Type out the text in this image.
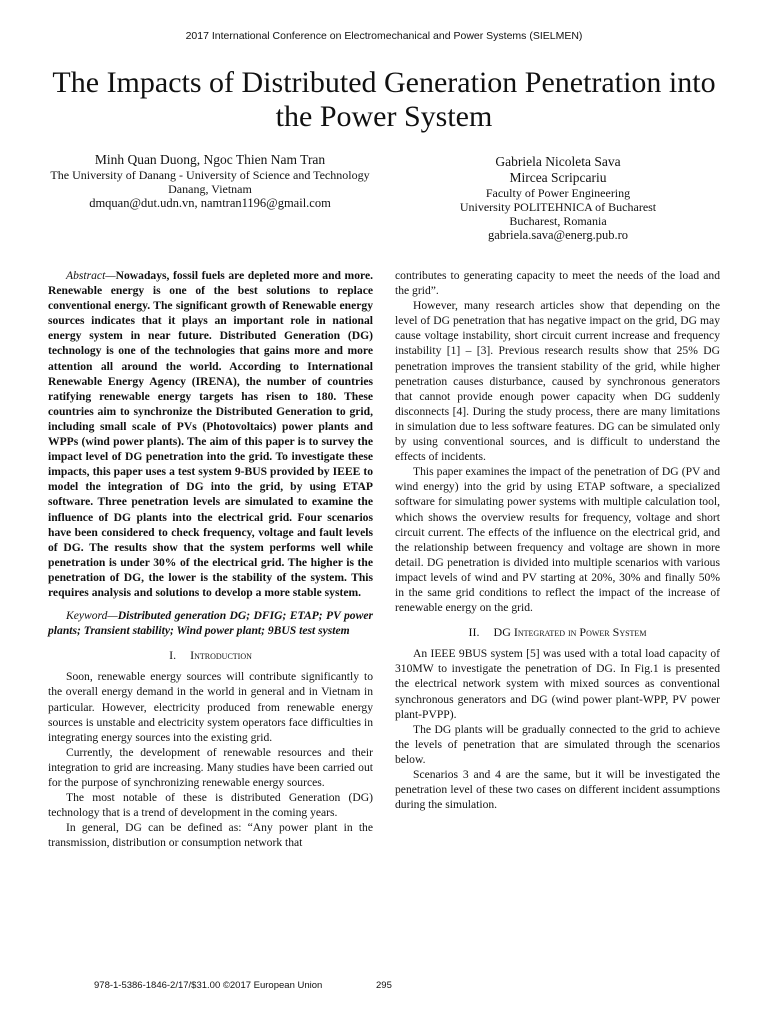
2017 International Conference on Electromechanical and Power Systems (SIELMEN)
The Impacts of Distributed Generation Penetration into the Power System
Minh Quan Duong, Ngoc Thien Nam Tran
The University of Danang - University of Science and Technology
Danang, Vietnam
dmquan@dut.udn.vn, namtran1196@gmail.com
Gabriela Nicoleta Sava
Mircea Scripcariu
Faculty of Power Engineering
University POLITEHNICA of Bucharest
Bucharest, Romania
gabriela.sava@energ.pub.ro

Abstract—Nowadays, fossil fuels are depleted more and more. Renewable energy is one of the best solutions to replace conventional energy. The significant growth of Renewable energy sources indicates that it plays an important role in national energy system in near future. Distributed Generation (DG) technology is one of the technologies that gains more and more attention all around the world. According to International Renewable Energy Agency (IRENA), the number of countries ratifying renewable energy targets has risen to 180. These countries aim to synchronize the Distributed Generation to grid, including small scale of PVs (Photovoltaics) power plants and WPPs (wind power plants). The aim of this paper is to survey the impact level of DG penetration into the grid. To investigate these impacts, this paper uses a test system 9-BUS provided by IEEE to model the integration of DG into the grid, by using ETAP software. Three penetration levels are simulated to examine the influence of DG plants into the electrical grid. Four scenarios have been considered to check frequency, voltage and fault levels of DG. The results show that the system performs well while penetration is under 30% of the electrical grid. The higher is the penetration of DG, the lower is the stability of the system. This requires analysis and solutions to develop a more stable system.

Keyword—Distributed generation DG; DFIG; ETAP; PV power plants; Transient stability; Wind power plant; 9BUS test system

I. Introduction

Soon, renewable energy sources will contribute significantly to the overall energy demand in the world in general and in Vietnam in particular. However, electricity produced from renewable energy sources is unstable and electricity system operators face difficulties in integrating energy sources into the existing grid.

Currently, the development of renewable resources and their integration to grid are increasing. Many studies have been carried out for the purpose of synchronizing renewable energy sources.

The most notable of these is distributed Generation (DG) technology that is a trend of development in the coming years.

In general, DG can be defined as: “Any power plant in the transmission, distribution or consumption network that

contributes to generating capacity to meet the needs of the load and the grid”.

However, many research articles show that depending on the level of DG penetration that has negative impact on the grid, DG may cause voltage instability, short circuit current increase and frequency instability [1] – [3]. Previous research results show that 25% DG penetration improves the transient stability of the grid, while higher penetration causes disturbance, caused by synchronous generators that cannot provide enough power capacity when DG suddenly disconnects [4]. During the study process, there are many limitations in simulation due to less software features. DG can be simulated only by using conventional sources, and is difficult to understand the effects of incidents.

This paper examines the impact of the penetration of DG (PV and wind energy) into the grid by using ETAP software, a specialized software for simulating power systems with multiple calculation tool, which shows the overview results for frequency, voltage and short circuit current. The effects of the influence on the electrical grid, and the relationship between frequency and voltage are shown in more detail. DG penetration is divided into multiple scenarios with various impact levels of wind and PV starting at 20%, 30% and finally 50% in the same grid conditions to reflect the impact of the increase of renewable energy on the grid.

II. DG Integrated in Power System

An IEEE 9BUS system [5] was used with a total load capacity of 310MW to investigate the penetration of DG. In Fig.1 is presented the electrical network system with mixed sources as conventional synchronous generators and DG (wind power plant-WPP, PV power plant-PVPP).

The DG plants will be gradually connected to the grid to achieve the levels of penetration that are simulated through the scenarios below.

Scenarios 3 and 4 are the same, but it will be investigated the penetration level of these two cases on different incident assumptions during the simulation.

978-1-5386-1846-2/17/$31.00 ©2017 European Union	295
